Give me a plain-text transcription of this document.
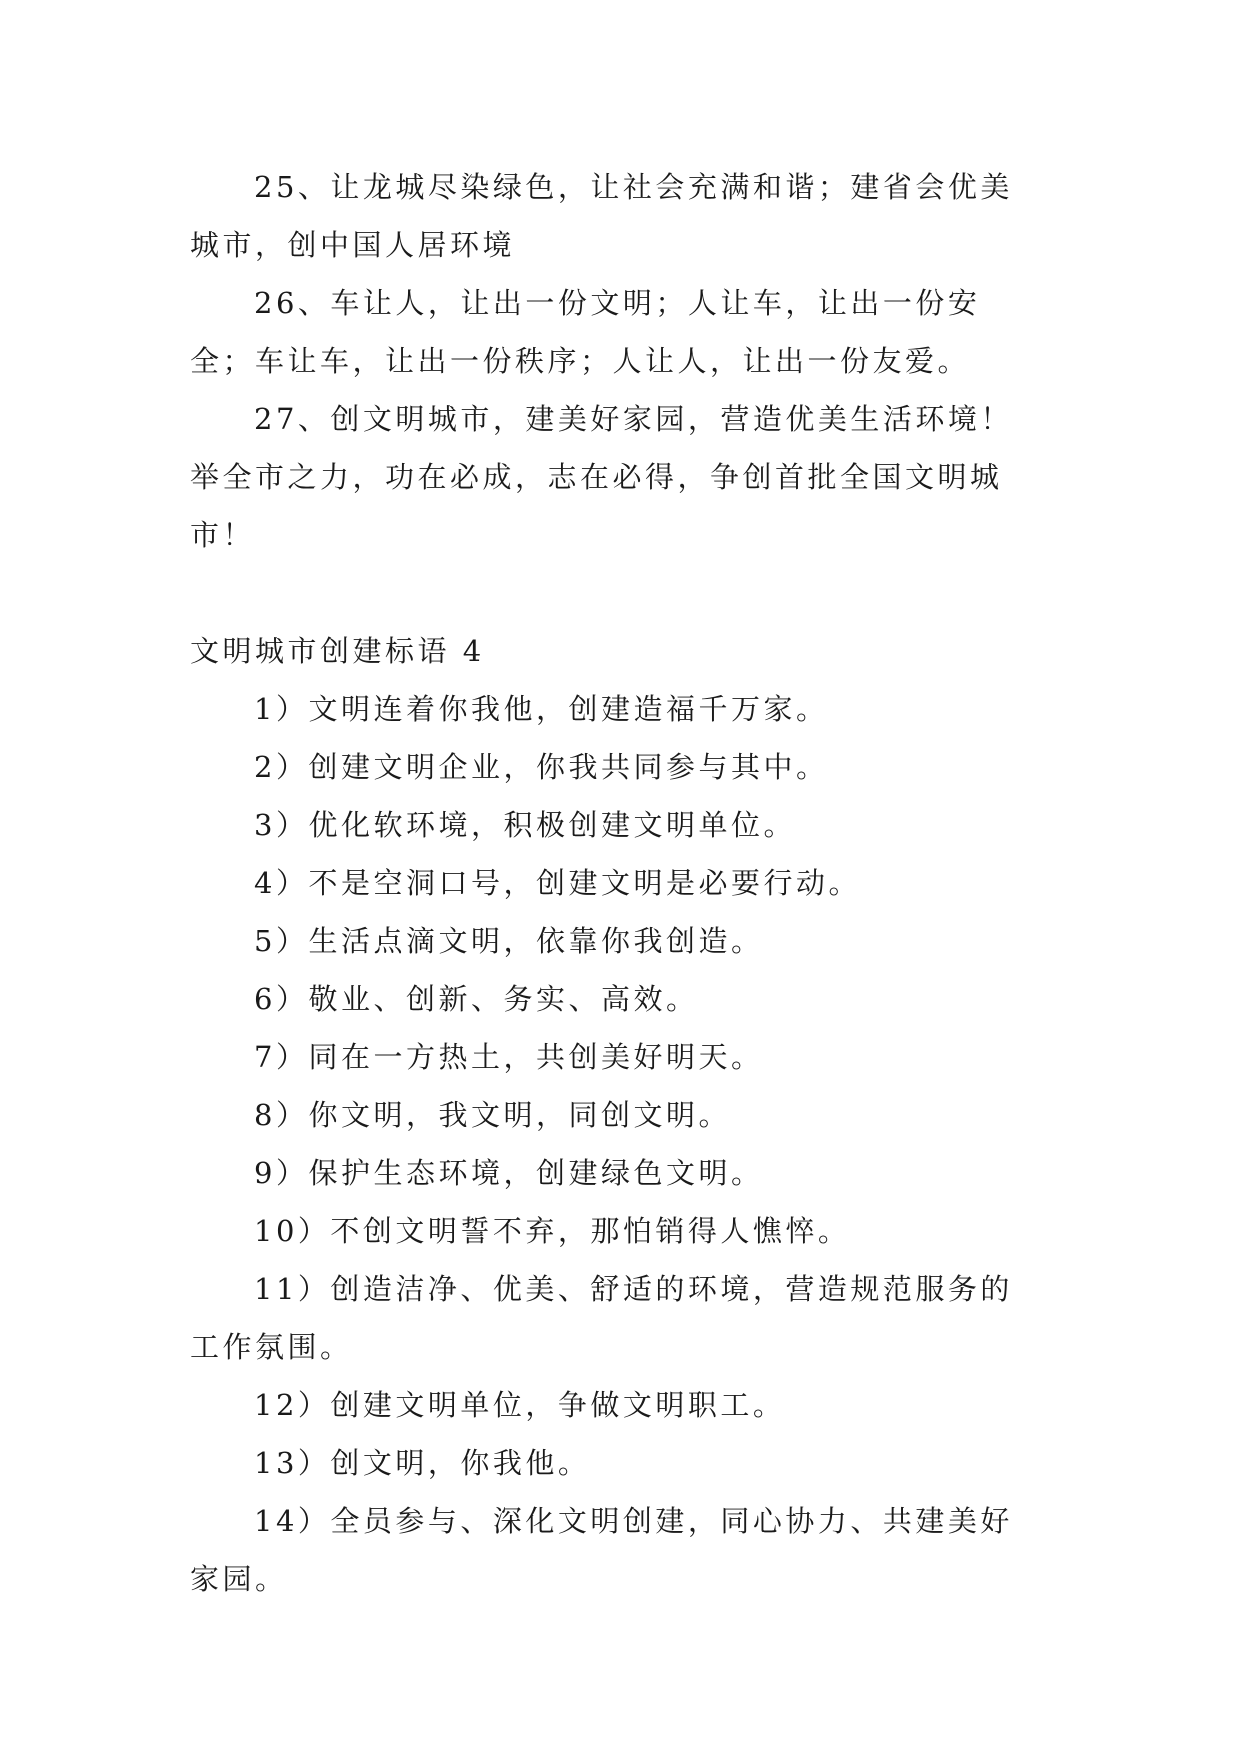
25、让龙城尽染绿色，让社会充满和谐；建省会优美城市，创中国人居环境

26、车让人，让出一份文明；人让车，让出一份安全；车让车，让出一份秩序；人让人，让出一份友爱。

27、创文明城市，建美好家园，营造优美生活环境！举全市之力，功在必成，志在必得，争创首批全国文明城市！

文明城市创建标语 4

1）文明连着你我他，创建造福千万家。

2）创建文明企业，你我共同参与其中。

3）优化软环境，积极创建文明单位。

4）不是空洞口号，创建文明是必要行动。

5）生活点滴文明，依靠你我创造。

6）敬业、创新、务实、高效。

7）同在一方热土，共创美好明天。

8）你文明，我文明，同创文明。

9）保护生态环境，创建绿色文明。

10）不创文明誓不弃，那怕销得人憔悴。

11）创造洁净、优美、舒适的环境，营造规范服务的工作氛围。

12）创建文明单位，争做文明职工。

13）创文明，你我他。

14）全员参与、深化文明创建，同心协力、共建美好家园。
